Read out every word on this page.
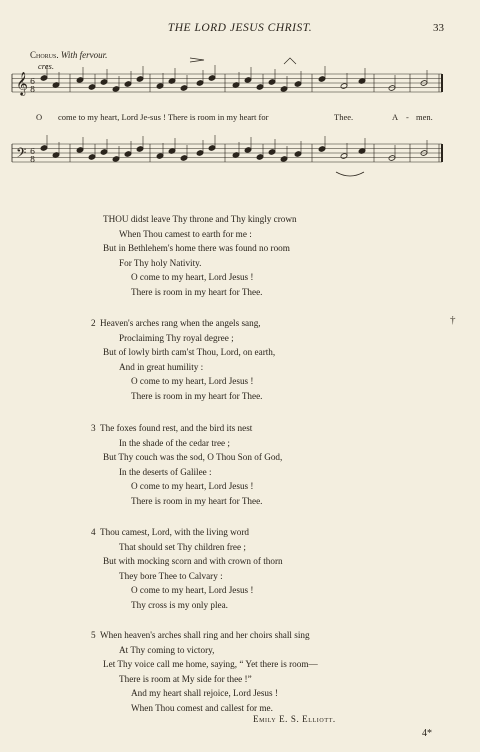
THE LORD JESUS CHRIST.	33
𝄞 6
8
𝄢 6
8
Chorus. With fervour.
cres.
O come to my heart, Lord Je-sus ! There is room in my heart for	Thee.	A - men.
THOU didst leave Thy throne and Thy kingly crown
When Thou camest to earth for me :
But in Bethlehem's home there was found no room
For Thy holy Nativity.
O come to my heart, Lord Jesus !
There is room in my heart for Thee.
2 Heaven's arches rang when the angels sang,
Proclaiming Thy royal degree ;
But of lowly birth cam'st Thou, Lord, on earth,
And in great humility :
O come to my heart, Lord Jesus !
There is room in my heart for Thee.
3 The foxes found rest, and the bird its nest
In the shade of the cedar tree ;
But Thy couch was the sod, O Thou Son of God,
In the deserts of Galilee :
O come to my heart, Lord Jesus !
There is room in my heart for Thee.
4 Thou camest, Lord, with the living word
That should set Thy children free ;
But with mocking scorn and with crown of thorn
They bore Thee to Calvary :
O come to my heart, Lord Jesus !
Thy cross is my only plea.
5 When heaven's arches shall ring and her choirs shall sing
At Thy coming to victory,
Let Thy voice call me home, saying, “ Yet there is room—
There is room at My side for thee !”
And my heart shall rejoice, Lord Jesus !
When Thou comest and callest for me.
Emily E. S. Elliott.
4*
†
